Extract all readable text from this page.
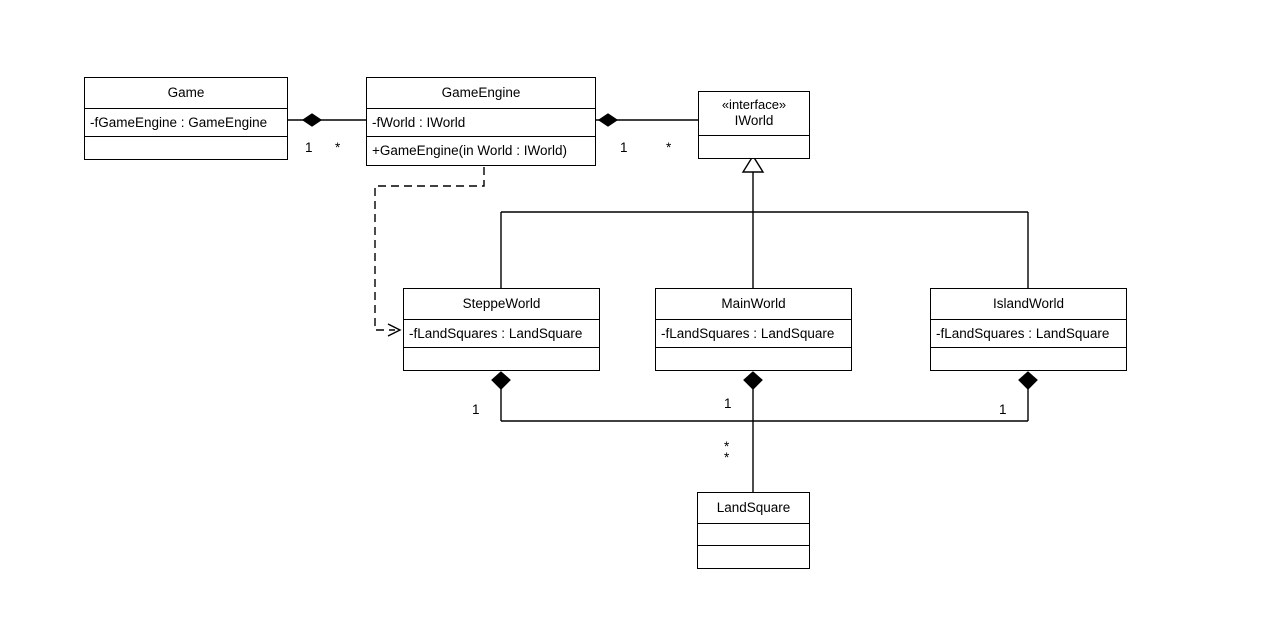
Game
-fGameEngine : GameEngine
GameEngine
-fWorld : IWorld
+GameEngine(in World : IWorld)
«interface»
IWorld
SteppeWorld
-fLandSquares : LandSquare
MainWorld
-fLandSquares : LandSquare
IslandWorld
-fLandSquares : LandSquare
LandSquare
1 *	1	*
1	1	1
*
*
